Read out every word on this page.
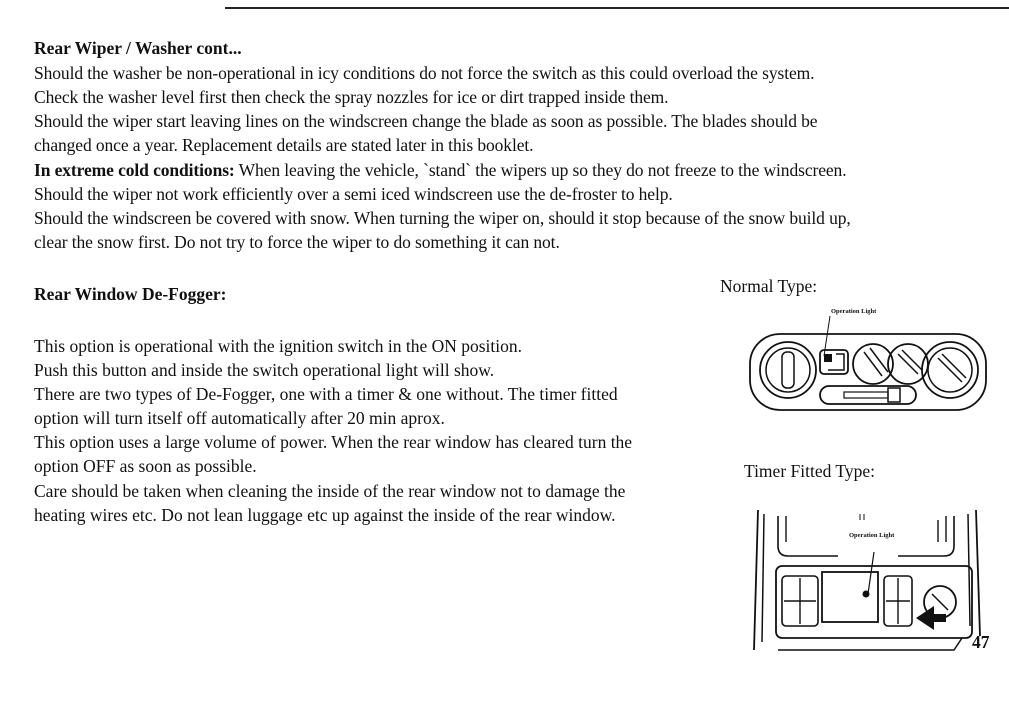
Rear Wiper / Washer cont...
Should the washer be non-operational in icy conditions do not force the switch as this could overload the system.
Check the washer level first then check the spray nozzles for ice or dirt trapped inside them.
Should the wiper start leaving lines on the windscreen change the blade as soon as possible. The blades should be
changed once a year. Replacement details are stated later in this booklet.
In extreme cold conditions: When leaving the vehicle, `stand` the wipers up so they do not freeze to the windscreen.
Should the wiper not work efficiently over a semi iced windscreen use the de-froster to help.
Should the windscreen be covered with snow. When turning the wiper on, should it stop because of the snow build up,
clear the snow first. Do not try to force the wiper to do something it can not.
Rear Window De-Fogger:
This option is operational with the ignition switch in the ON position.
Push this button and inside the switch operational light will show.
There are two types of De-Fogger, one with a timer & one without. The timer fitted
option will turn itself off automatically after 20 min aprox.
This option uses a large volume of power. When the rear window has cleared turn the
option OFF as soon as possible.
Care should be taken when cleaning the inside of the rear window not to damage the
heating wires etc. Do not lean luggage etc up against the inside of the rear window.
Normal Type:
Operation Light
Timer Fitted Type:
Operation Light
47
